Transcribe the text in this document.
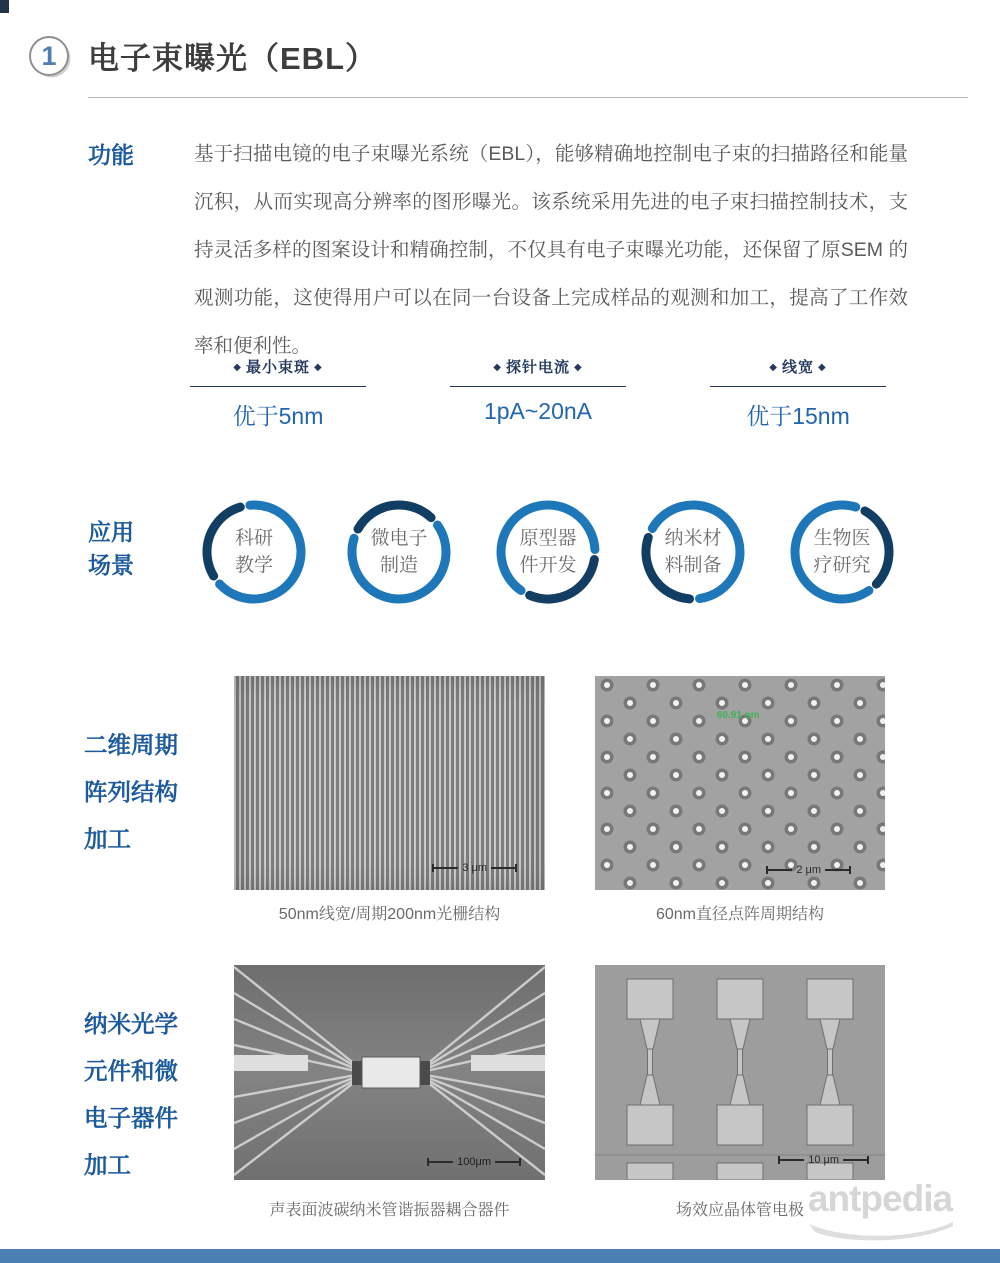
1 电子束曝光（EBL）
功能	基于扫描电镜的电子束曝光系统（EBL），能够精确地控制电子束的扫描路径和能量沉积，从而实现高分辨率的图形曝光。该系统采用先进的电子束扫描控制技术，支持灵活多样的图案设计和精确控制，不仅具有电子束曝光功能，还保留了原SEM 的观测功能，这使得用户可以在同一台设备上完成样品的观测和加工，提高了工作效率和便利性。

◆ 最小束斑 ◆
优于5nm
◆ 探针电流 ◆
1pA~20nA
◆ 线宽 ◆
优于15nm
应用
场景
科研
教学
微电子
制造
原型器
件开发
纳米材
料制备
生物医
疗研究
二维周期
阵列结构
加工
3 μm
60.91 nm
2 μm
50nm线宽/周期200nm光栅结构	60nm直径点阵周期结构
纳米光学
元件和微
电子器件
加工	100μm	10 μm
声表面波碳纳米管谐振器耦合器件	场效应晶体管电极 antpedia
